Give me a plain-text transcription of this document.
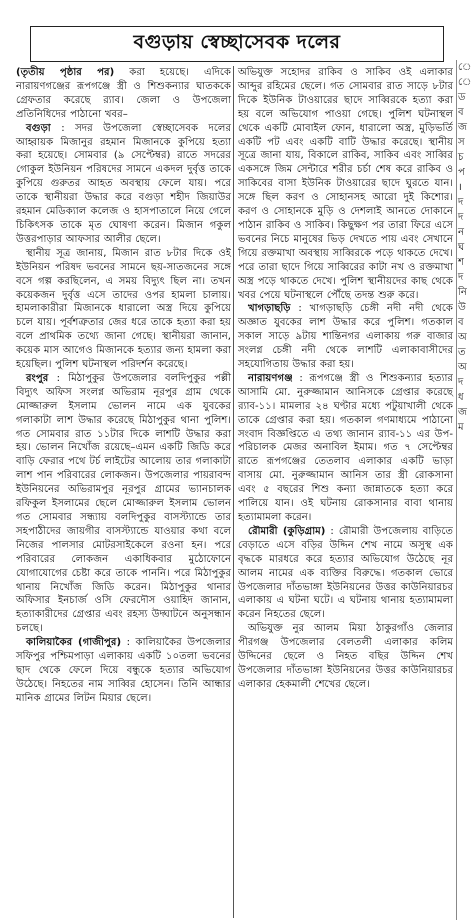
ে
ে
ড
ব
জ
স
চ
প
।
দ
দ
ন
ঘ
শ
দ
নি
উ
ব
অ
ত
অ
দ
ধ
জ
ম
বগুড়ায় স্বেচ্ছাসেবক দলের

(তৃতীয় পৃষ্ঠার পর) করা হয়েছে। এদিকে নারায়ণগঞ্জের রূপগঞ্জে স্ত্রী ও শিশুকন্যার ঘাতককে গ্রেফতার করেছে র‍্যাব। জেলা ও উপজেলা প্রতিনিধিদের পাঠানো খবর–

বগুড়া : সদর উপজেলা স্বেচ্ছাসেবক দলের আহ্বায়ক মিজানুর রহমান মিজানকে কুপিয়ে হত্যা করা হয়েছে। সোমবার (৯ সেপ্টেম্বর) রাতে সদরের গোকুল ইউনিয়ন পরিষদের সামনে একদল দুর্বৃত্ত তাকে কুপিয়ে গুরুতর আহত অবস্থায় ফেলে যায়। পরে তাকে স্থানীয়রা উদ্ধার করে বগুড়া শহীদ জিয়াউর রহমান মেডিক্যাল কলেজ ও হাসপাতালে নিয়ে গেলে চিকিৎসক তাকে মৃত ঘোষণা করেন। মিজান গকুল উত্তরপাড়ার আফসার আলীর ছেলে।

স্থানীয় সূত্র জানায়, মিজান রাত ৮টার দিকে ওই ইউনিয়ন পরিষদ ভবনের সামনে ছয়-সাতজনের সঙ্গে বসে গল্প করছিলেন, এ সময় বিদ্যুৎ ছিল না। তখন কয়েকজন দুর্বৃত্ত এসে তাদের ওপর হামলা চালায়। হামলাকারীরা মিজানকে ধারালো অস্ত্র দিয়ে কুপিয়ে চলে যায়। পূর্বশত্রুতার জের ধরে তাকে হত্যা করা হয় বলে প্রাথমিক তথ্যে জানা গেছে। স্থানীয়রা জানান, কয়েক মাস আগেও মিজানকে হত্যার জন্য হামলা করা হয়েছিল। পুলিশ ঘটনাস্থল পরিদর্শন করেছে।

রংপুর : মিঠাপুকুর উপজেলার বলদিপুকুর পল্লী বিদ্যুৎ অফিস সংলগ্ন অভিরাম নূরপুর গ্রাম থেকে মোজ্জারুল ইসলাম ভোলন নামে এক যুবকের গলাকাটা লাশ উদ্ধার করেছে মিঠাপুকুর থানা পুলিশ। গত সোমবার রাত ১১টার দিকে লাশটি উদ্ধার করা হয়। ভোলন নিখোঁজ রয়েছে–এমন একটি জিডি করে বাড়ি ফেরার পথে টর্চ লাইটের আলোয় তার গলাকাটা লাশ পান পরিবারের লোকজন। উপজেলার পায়রাবন্দ ইউনিয়নের অভিরামপুর নূরপুর গ্রামের ভ্যানচালক রফিকুল ইসলামের ছেলে মোজ্জারুল ইসলাম ভোলন গত সোমবার সন্ধ্যায় বলদিপুকুর বাসস্ট্যান্ডে তার সহপাঠীদের জায়গীর বাসস্ট্যান্ডে যাওয়ার কথা বলে নিজের পালসার মোটরসাইকেলে রওনা হন। পরে পরিবারের লোকজন একাধিকবার মুঠোফোনে যোগাযোগের চেষ্টা করে তাকে পাননি। পরে মিঠাপুকুর থানায় নিখোঁজ জিডি করেন। মিঠাপুকুর থানার অফিসার ইনচার্জ ওসি ফেরদৌস ওয়াহিদ জানান, হত্যাকারীদের গ্রেপ্তার এবং রহস্য উদ্ঘাটনে অনুসন্ধান চলছে।

কালিয়াকৈর (গাজীপুর) : কালিয়াকৈর উপজেলার সফিপুর পশ্চিমপাড়া এলাকায় একটি ১০তলা ভবনের ছাদ থেকে ফেলে দিয়ে বন্ধুকে হত্যার অভিযোগ উঠেছে। নিহতের নাম সাব্বির হোসেন। তিনি আন্ধার মানিক গ্রামের লিটন মিয়ার ছেলে।

অভিযুক্ত সহোদর রাকিব ও সাকিব ওই এলাকার আব্দুর রহিমের ছেলে। গত সোমবার রাত সাড়ে ৮টার দিকে ইউনিক টাওয়ারের ছাদে সাব্বিরকে হত্যা করা হয় বলে অভিযোগ পাওয়া গেছে। পুলিশ ঘটনাস্থল থেকে একটি মোবাইল ফোন, ধারালো অস্ত্র, মুড়িভর্তি একটি পট এবং একটি বাটি উদ্ধার করেছে। স্থানীয় সূত্রে জানা যায়, বিকালে রাকিব, সাকিব এবং সাব্বির একসঙ্গে জিম সেন্টারে শরীর চর্চা শেষ করে রাকিব ও সাকিবের বাসা ইউনিক টাওয়ারের ছাদে ঘুরতে যান। সঙ্গে ছিল করণ ও সোহানসহ আরো দুই কিশোর। করণ ও সোহানকে মুড়ি ও দেশলাই আনতে দোকানে পাঠান রাকিব ও সাকিব। কিছুক্ষণ পর তারা ফিরে এসে ভবনের নিচে মানুষের ভিড় দেখতে পায় এবং সেখানে গিয়ে রক্তমাখা অবস্থায় সাব্বিরকে পড়ে থাকতে দেখে। পরে তারা ছাদে গিয়ে সাব্বিরের কাটা নখ ও রক্তমাখা অস্ত্র পড়ে থাকতে দেখে। পুলিশ স্থানীয়দের কাছ থেকে খবর পেয়ে ঘটনাস্থলে পৌঁছে তদন্ত শুরু করে।

খাগড়াছড়ি : খাগড়াছড়ি চেঙ্গী নদী নদী থেকে অজ্ঞাত যুবকের লাশ উদ্ধার করে পুলিশ। গতকাল সকাল সাড়ে ৯টায় শান্তিনগর এলাকায় গরু বাজার সংলগ্ন চেঙ্গী নদী থেকে লাশটি এলাকাবাসীদের সহযোগিতায় উদ্ধার করা হয়।

নারায়ণগঞ্জ : রূপগঞ্জে স্ত্রী ও শিশুকন্যার হত্যার আসামি মো. নুরুজ্জামান আনিসকে গ্রেপ্তার করেছে র‍্যাব-১১। মামলার ২৪ ঘণ্টার মধ্যে পটুয়াখালী থেকে তাকে গ্রেপ্তার করা হয়। গতকাল গণমাধ্যমে পাঠানো সংবাদ বিজ্ঞপ্তিতে এ তথ্য জানান র‍্যাব-১১ এর উপ-পরিচালক মেজর অনাবিল ইমাম। গত ৭ সেপ্টেম্বর রাতে রূপগঞ্জের তেতলাব এলাকার একটি ভাড়া বাসায় মো. নুরুজ্জামান আনিস তার স্ত্রী রোকসানা এবং ৫ বছরের শিশু কন্যা জান্নাতকে হত্যা করে পালিয়ে যান। ওই ঘটনায় রোকসানার বাবা থানায় হত্যামামলা করেন।

রৌমারী (কুড়িগ্রাম) : রৌমারী উপজেলায় বাড়িতে বেড়াতে এসে বড়ির উদ্দিন শেখ নামে অসুস্থ এক বৃদ্ধকে মারধরে করে হত্যার অভিযোগ উঠেছে নূর আলম নামের এক ব্যক্তির বিরুদ্ধে। গতকাল ভোরে উপজেলার দাঁতভাঙ্গা ইউনিয়নের উত্তর কাউনিয়ারচর এলাকায় এ ঘটনা ঘটে। এ ঘটনায় থানায় হত্যামামলা করেন নিহতের ছেলে।

অভিযুক্ত নুর আলম মিয়া ঠাকুরগাঁও জেলার পীরগঞ্জ উপজেলার বেলতলী এলাকার কলিম উদ্দিনের ছেলে ও নিহত বছির উদ্দিন শেখ উপজেলার দাঁতভাঙ্গা ইউনিয়নের উত্তর কাউনিয়ারচর এলাকার হেকমালী শেখের ছেলে।
